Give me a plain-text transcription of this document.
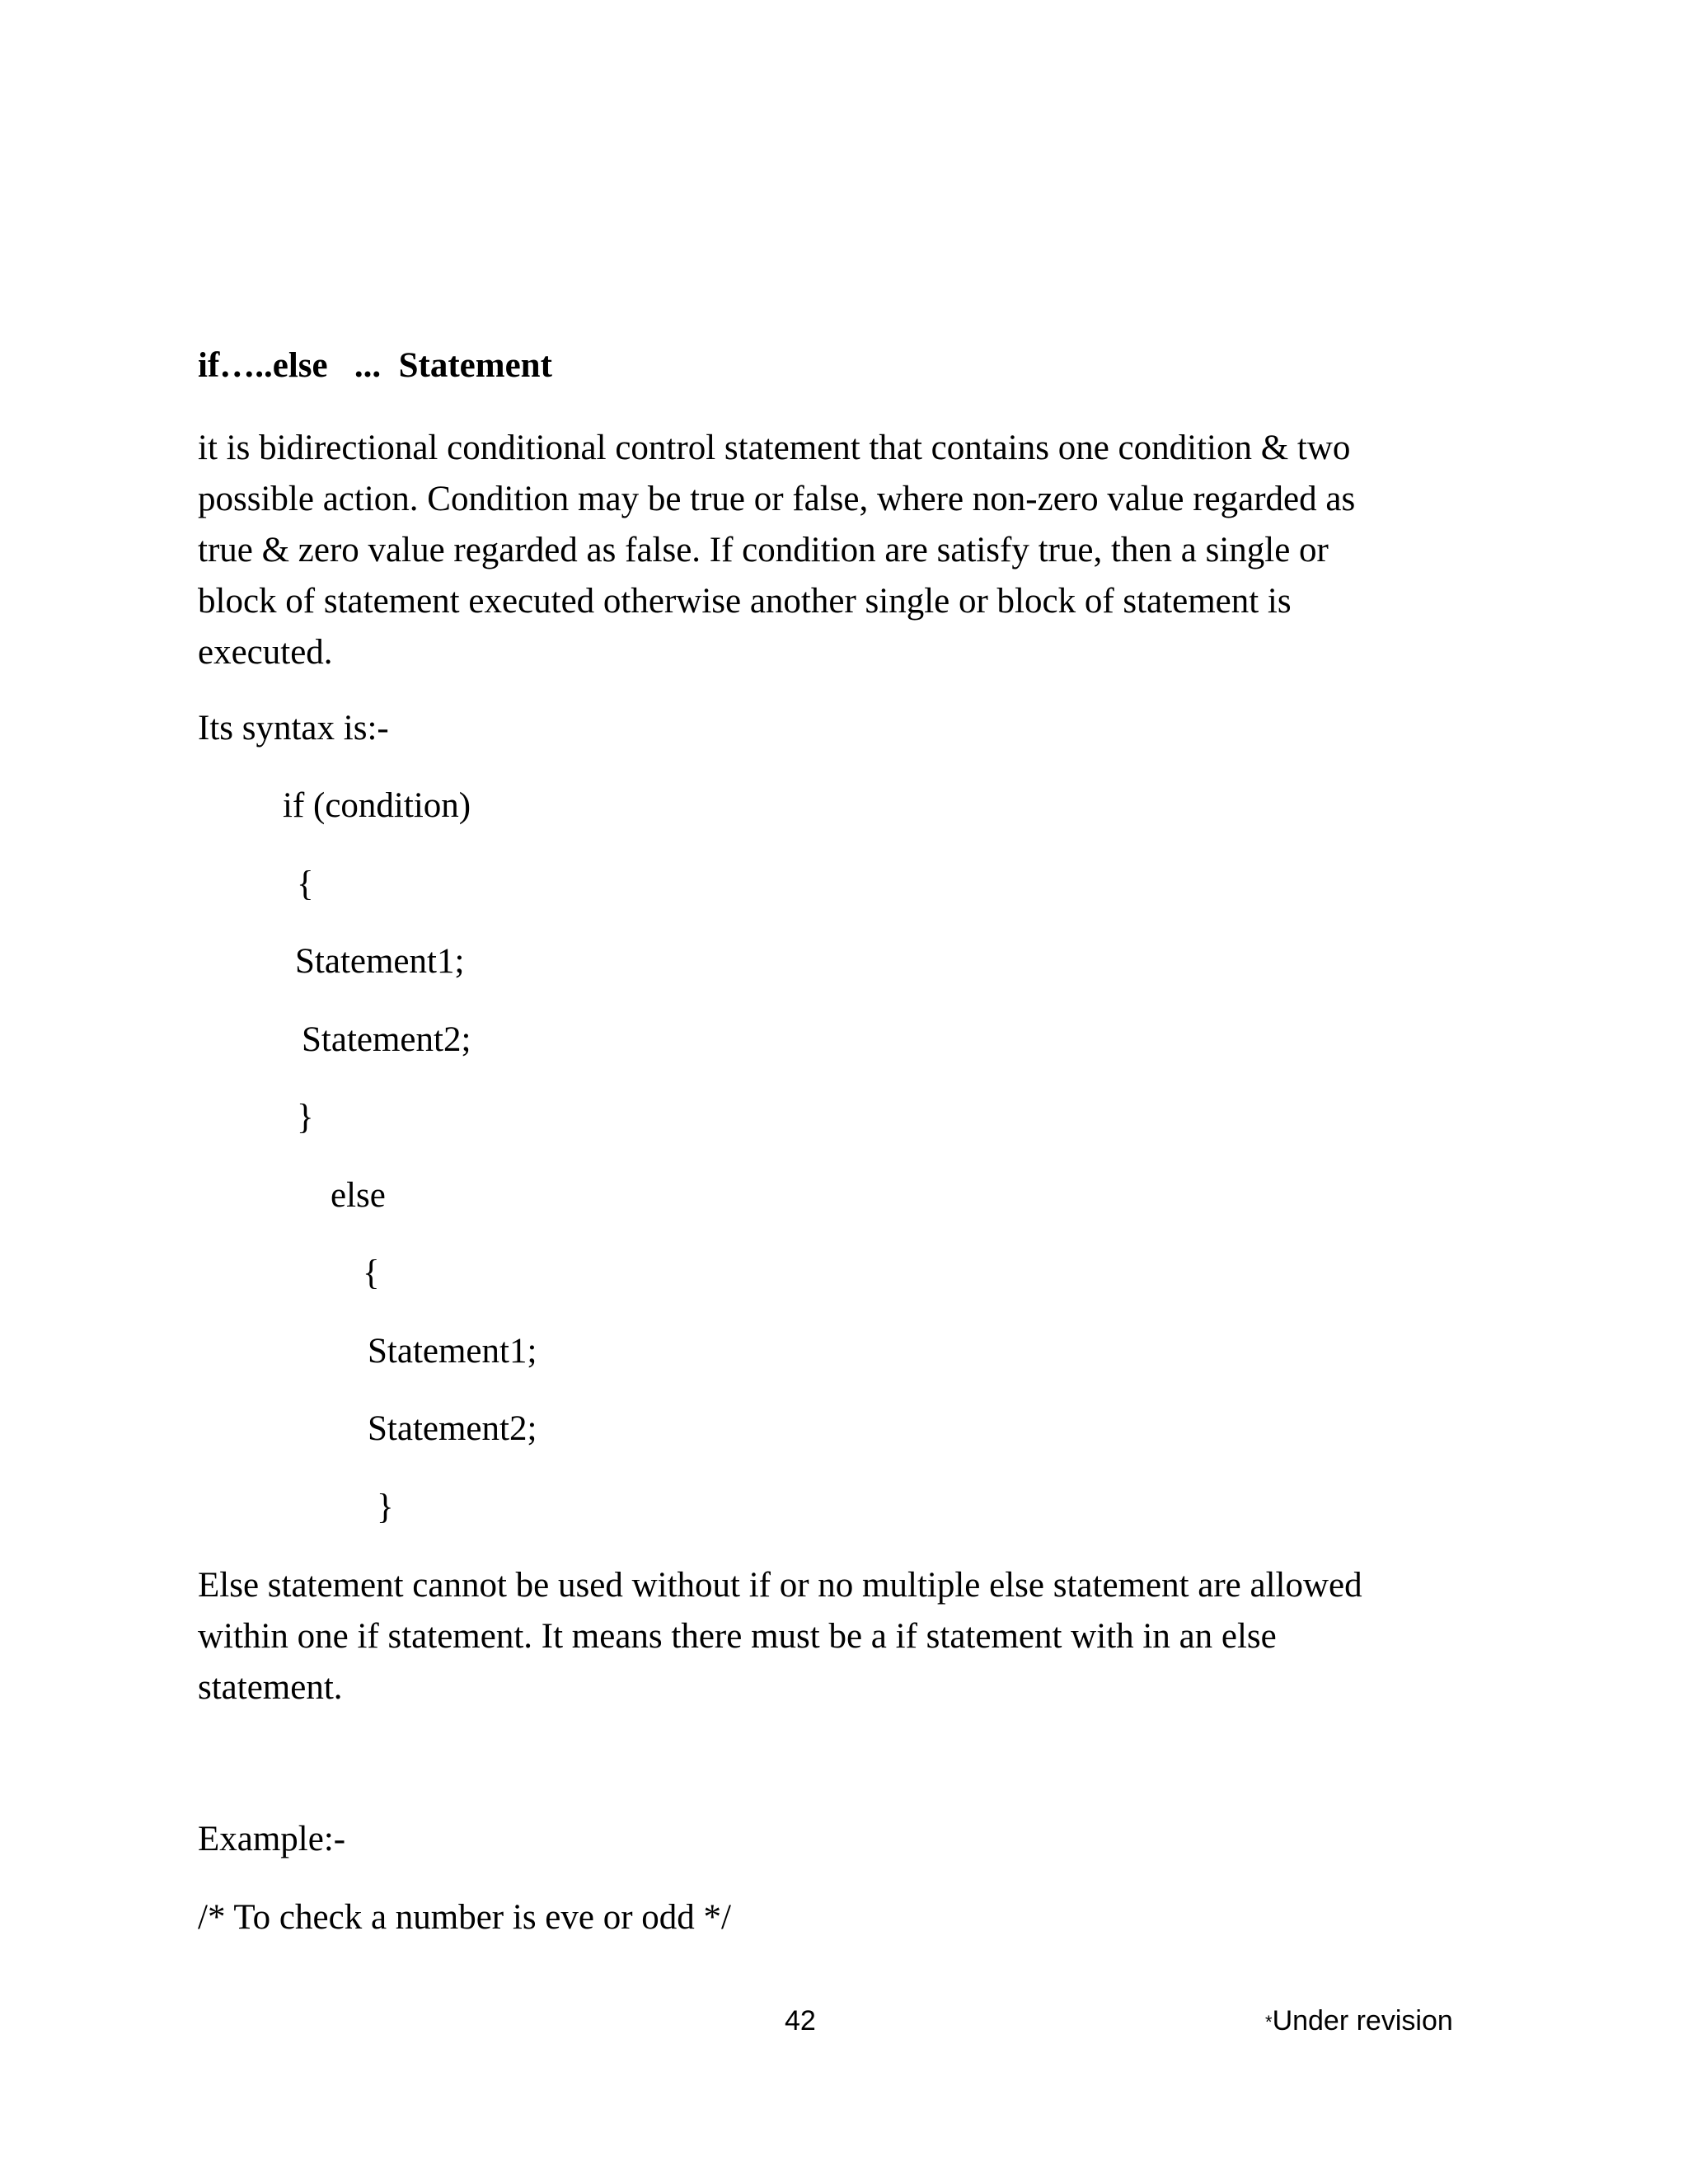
if…..else   ...  Statement

it is bidirectional conditional control statement that contains one condition & two
possible action. Condition may be true or false, where non-zero value regarded as
true & zero value regarded as false. If condition are satisfy true, then a single or
block of statement executed otherwise another single or block of statement is
executed.

Its syntax is:-
if (condition)
{
Statement1;
Statement2;
}
else
{
Statement1;
Statement2;
}

Else statement cannot be used without if or no multiple else statement are allowed
within one if statement. It means there must be a if statement with in an else
statement.

Example:-
/* To check a number is eve or odd */
42	*Under revision
